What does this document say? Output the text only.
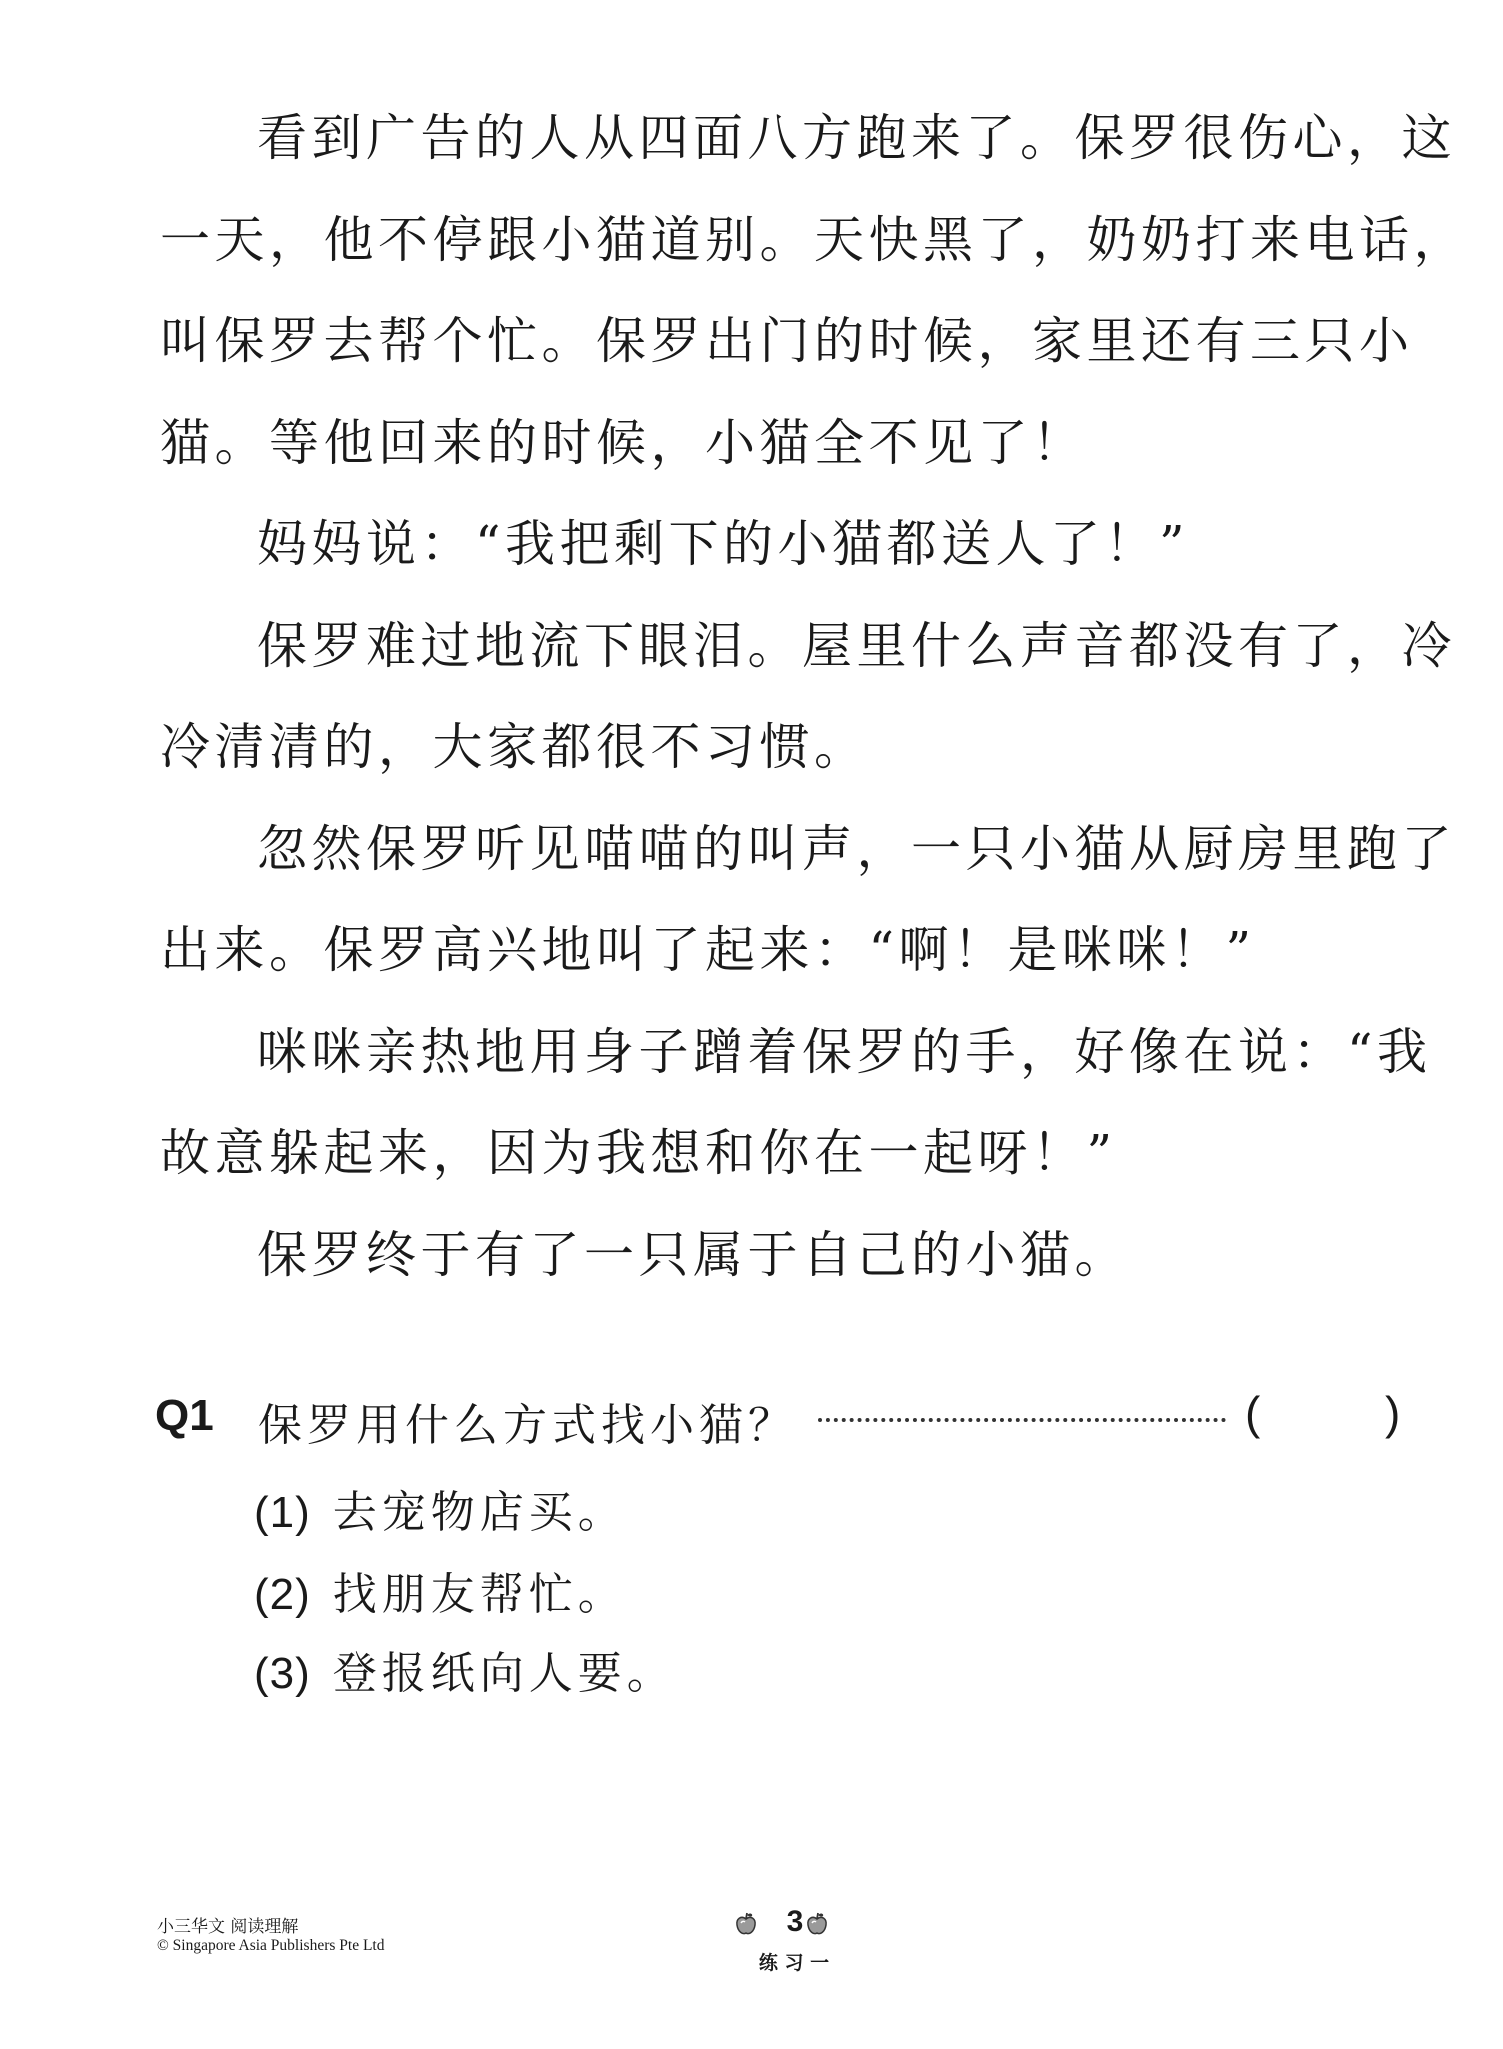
看到广告的人从四面八方跑来了。保罗很伤心，这
一天，他不停跟小猫道别。天快黑了，奶奶打来电话，
叫保罗去帮个忙。保罗出门的时候，家里还有三只小
猫。等他回来的时候，小猫全不见了！
妈妈说：“我把剩下的小猫都送人了！”
保罗难过地流下眼泪。屋里什么声音都没有了，冷
冷清清的，大家都很不习惯。
忽然保罗听见喵喵的叫声，一只小猫从厨房里跑了
出来。保罗高兴地叫了起来：“啊！是咪咪！”
咪咪亲热地用身子蹭着保罗的手，好像在说：“我
故意躲起来，因为我想和你在一起呀！”
保罗终于有了一只属于自己的小猫。
Q1 保罗用什么方式找小猫？	(	)
(1) 去宠物店买。
(2) 找朋友帮忙。
(3) 登报纸向人要。
小三华文 阅读理解
© Singapore Asia Publishers Pte Ltd
3
练 习 一
